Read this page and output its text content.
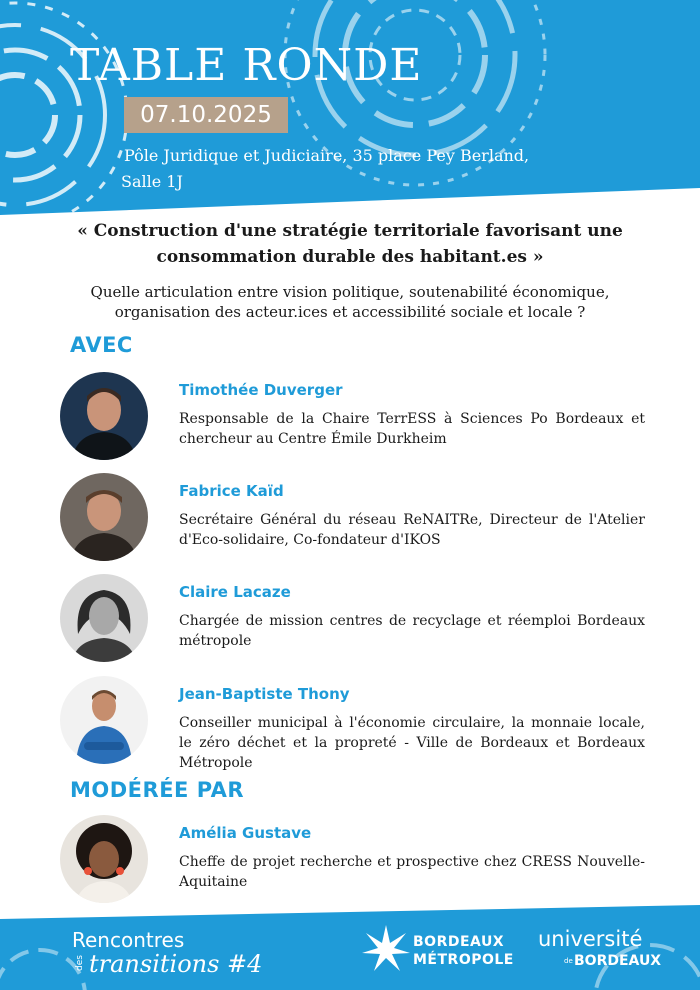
TABLE RONDE
07.10.2025
Pôle Juridique et Judiciaire, 35 place Pey Berland,
Salle 1J
« Construction d'une stratégie territoriale favorisant une
consommation durable des habitant.es »
Quelle articulation entre vision politique, soutenabilité économique,
organisation des acteur.ices et accessibilité sociale et locale ?
AVEC
Timothée Duverger
Responsable de la Chaire TerrESS à Sciences Po Bordeaux et chercheur au Centre Émile Durkheim
Fabrice Kaïd
Secrétaire Général du réseau ReNAITRe, Directeur de l'Atelier d'Eco-solidaire, Co-fondateur d'IKOS
Claire Lacaze
Chargée de mission centres de recyclage et réemploi Bordeaux métropole
Jean-Baptiste Thony
Conseiller municipal à l'économie circulaire, la monnaie locale, le zéro déchet et la propreté - Ville de Bordeaux et Bordeaux Métropole
MODÉRÉE PAR
Amélia Gustave
Cheffe de projet recherche et prospective chez CRESS Nouvelle-Aquitaine
Rencontres
des transitions #4
BORDEAUX
MÉTROPOLE
université
de BORDEAUX
